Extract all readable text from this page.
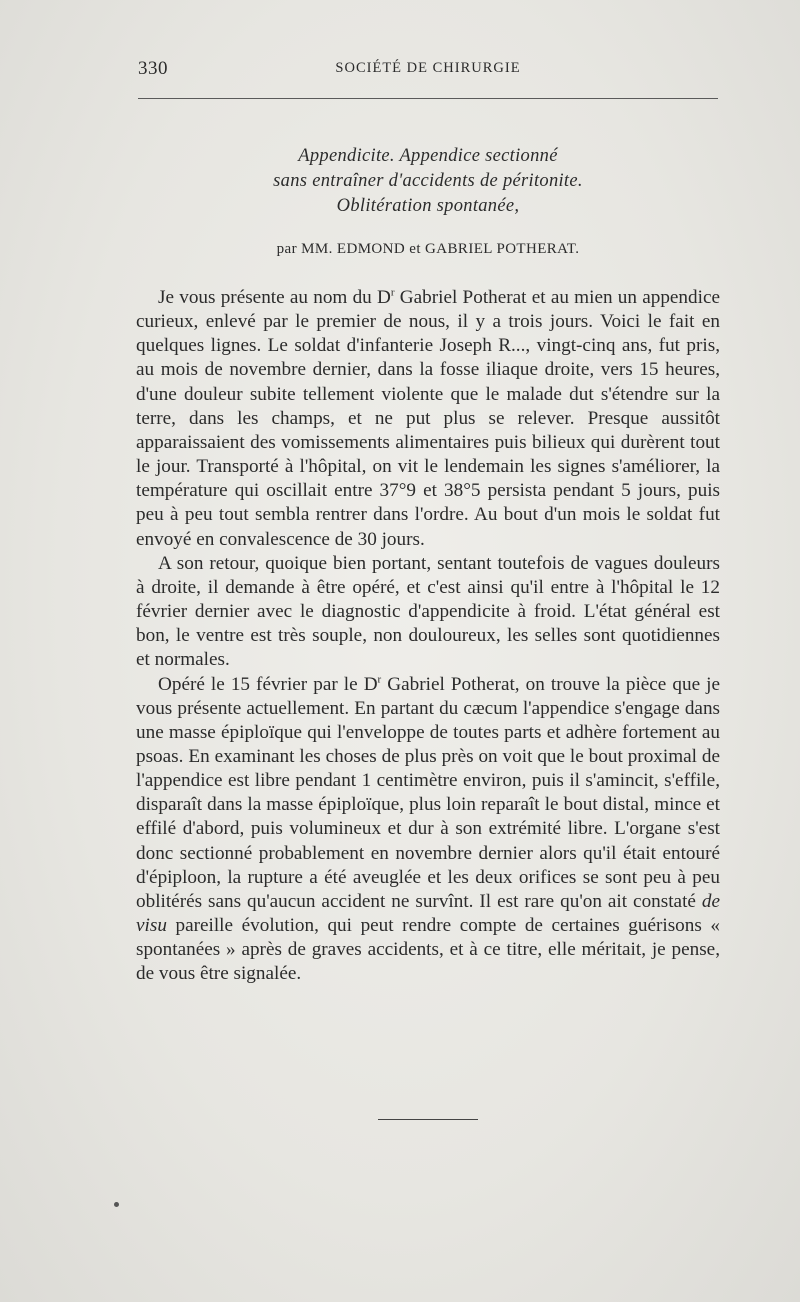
330	SOCIÉTÉ DE CHIRURGIE
Appendicite. Appendice sectionné
sans entraîner d'accidents de péritonite.
Oblitération spontanée,
par MM. EDMOND et GABRIEL POTHERAT.

Je vous présente au nom du $D^r$ Gabriel Potherat et au mien un appendice curieux, enlevé par le premier de nous, il y a trois jours. Voici le fait en quelques lignes. Le soldat d'infanterie Joseph R..., vingt-cinq ans, fut pris, au mois de novembre dernier, dans la fosse iliaque droite, vers 15 heures, d'une douleur subite tellement violente que le malade dut s'étendre sur la terre, dans les champs, et ne put plus se relever. Presque aussitôt apparaissaient des vomissements alimentaires puis bilieux qui durèrent tout le jour. Transporté à l'hôpital, on vit le lendemain les signes s'améliorer, la température qui oscillait entre 37°9 et 38°5 persista pendant 5 jours, puis peu à peu tout sembla rentrer dans l'ordre. Au bout d'un mois le soldat fut envoyé en convalescence de 30 jours.

A son retour, quoique bien portant, sentant toutefois de vagues douleurs à droite, il demande à être opéré, et c'est ainsi qu'il entre à l'hôpital le 12 février dernier avec le diagnostic d'appendicite à froid. L'état général est bon, le ventre est très souple, non douloureux, les selles sont quotidiennes et normales.

Opéré le 15 février par le $D^r$ Gabriel Potherat, on trouve la pièce que je vous présente actuellement. En partant du cæcum l'appendice s'engage dans une masse épiploïque qui l'enveloppe de toutes parts et adhère fortement au psoas. En examinant les choses de plus près on voit que le bout proximal de l'appendice est libre pendant 1 centimètre environ, puis il s'amincit, s'effile, disparaît dans la masse épiploïque, plus loin reparaît le bout distal, mince et effilé d'abord, puis volumineux et dur à son extrémité libre. L'organe s'est donc sectionné probablement en novembre dernier alors qu'il était entouré d'épiploon, la rupture a été aveuglée et les deux orifices se sont peu à peu oblitérés sans qu'aucun accident ne survînt. Il est rare qu'on ait constaté de visu pareille évolution, qui peut rendre compte de certaines guérisons « spontanées » après de graves accidents, et à ce titre, elle méritait, je pense, de vous être signalée.
